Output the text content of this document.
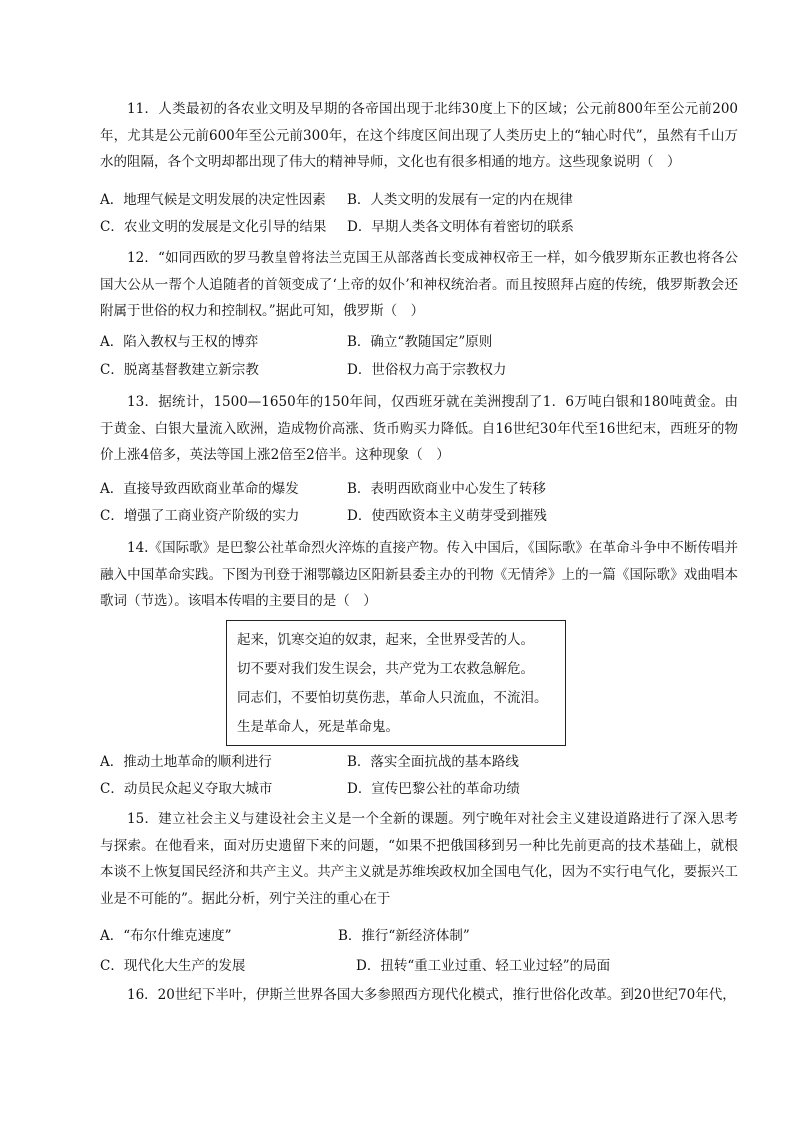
11．人类最初的各农业文明及早期的各帝国出现于北纬30度上下的区域；公元前800年至公元前200年，尤其是公元前600年至公元前300年，在这个纬度区间出现了人类历史上的“轴心时代”，虽然有千山万水的阻隔，各个文明却都出现了伟大的精神导师，文化也有很多相通的地方。这些现象说明（　）
A．地理气候是文明发展的决定性因素 B．人类文明的发展有一定的内在规律
C．农业文明的发展是文化引导的结果 D．早期人类各文明体有着密切的联系
12．“如同西欧的罗马教皇曾将法兰克国王从部落酋长变成神权帝王一样，如今俄罗斯东正教也将各公国大公从一帮个人追随者的首领变成了‘上帝的奴仆’和神权统治者。而且按照拜占庭的传统，俄罗斯教会还附属于世俗的权力和控制权。”据此可知，俄罗斯（　）
A．陷入教权与王权的博弈	B．确立“教随国定”原则
C．脱离基督教建立新宗教	D．世俗权力高于宗教权力
13．据统计，1500—1650年的150年间，仅西班牙就在美洲搜刮了1．6万吨白银和180吨黄金。由于黄金、白银大量流入欧洲，造成物价高涨、货币购买力降低。自16世纪30年代至16世纪末，西班牙的物价上涨4倍多，英法等国上涨2倍至2倍半。这种现象（　）
A．直接导致西欧商业革命的爆发	B．表明西欧商业中心发生了转移
C．增强了工商业资产阶级的实力	D．使西欧资本主义萌芽受到摧残
14.《国际歌》是巴黎公社革命烈火淬炼的直接产物。传入中国后，《国际歌》在革命斗争中不断传唱并融入中国革命实践。下图为刊登于湘鄂赣边区阳新县委主办的刊物《无情斧》上的一篇《国际歌》戏曲唱本歌词（节选）。该唱本传唱的主要目的是（　）
起来，饥寒交迫的奴隶，起来，全世界受苦的人。
切不要对我们发生误会，共产党为工农救急解危。
同志们，不要怕切莫伤悲，革命人只流血，不流泪。
生是革命人，死是革命鬼。
A．推动土地革命的顺利进行	B．落实全面抗战的基本路线
C．动员民众起义夺取大城市	D．宣传巴黎公社的革命功绩
15．建立社会主义与建设社会主义是一个全新的课题。列宁晚年对社会主义建设道路进行了深入思考与探索。在他看来，面对历史遗留下来的问题，“如果不把俄国移到另一种比先前更高的技术基础上，就根本谈不上恢复国民经济和共产主义。共产主义就是苏维埃政权加全国电气化，因为不实行电气化，要振兴工业是不可能的”。据此分析，列宁关注的重心在于
A．“布尔什维克速度”	B．推行“新经济体制”
C．现代化大生产的发展	D．扭转“重工业过重、轻工业过轻”的局面
16．20世纪下半叶，伊斯兰世界各国大多参照西方现代化模式，推行世俗化改革。到20世纪70年代，
